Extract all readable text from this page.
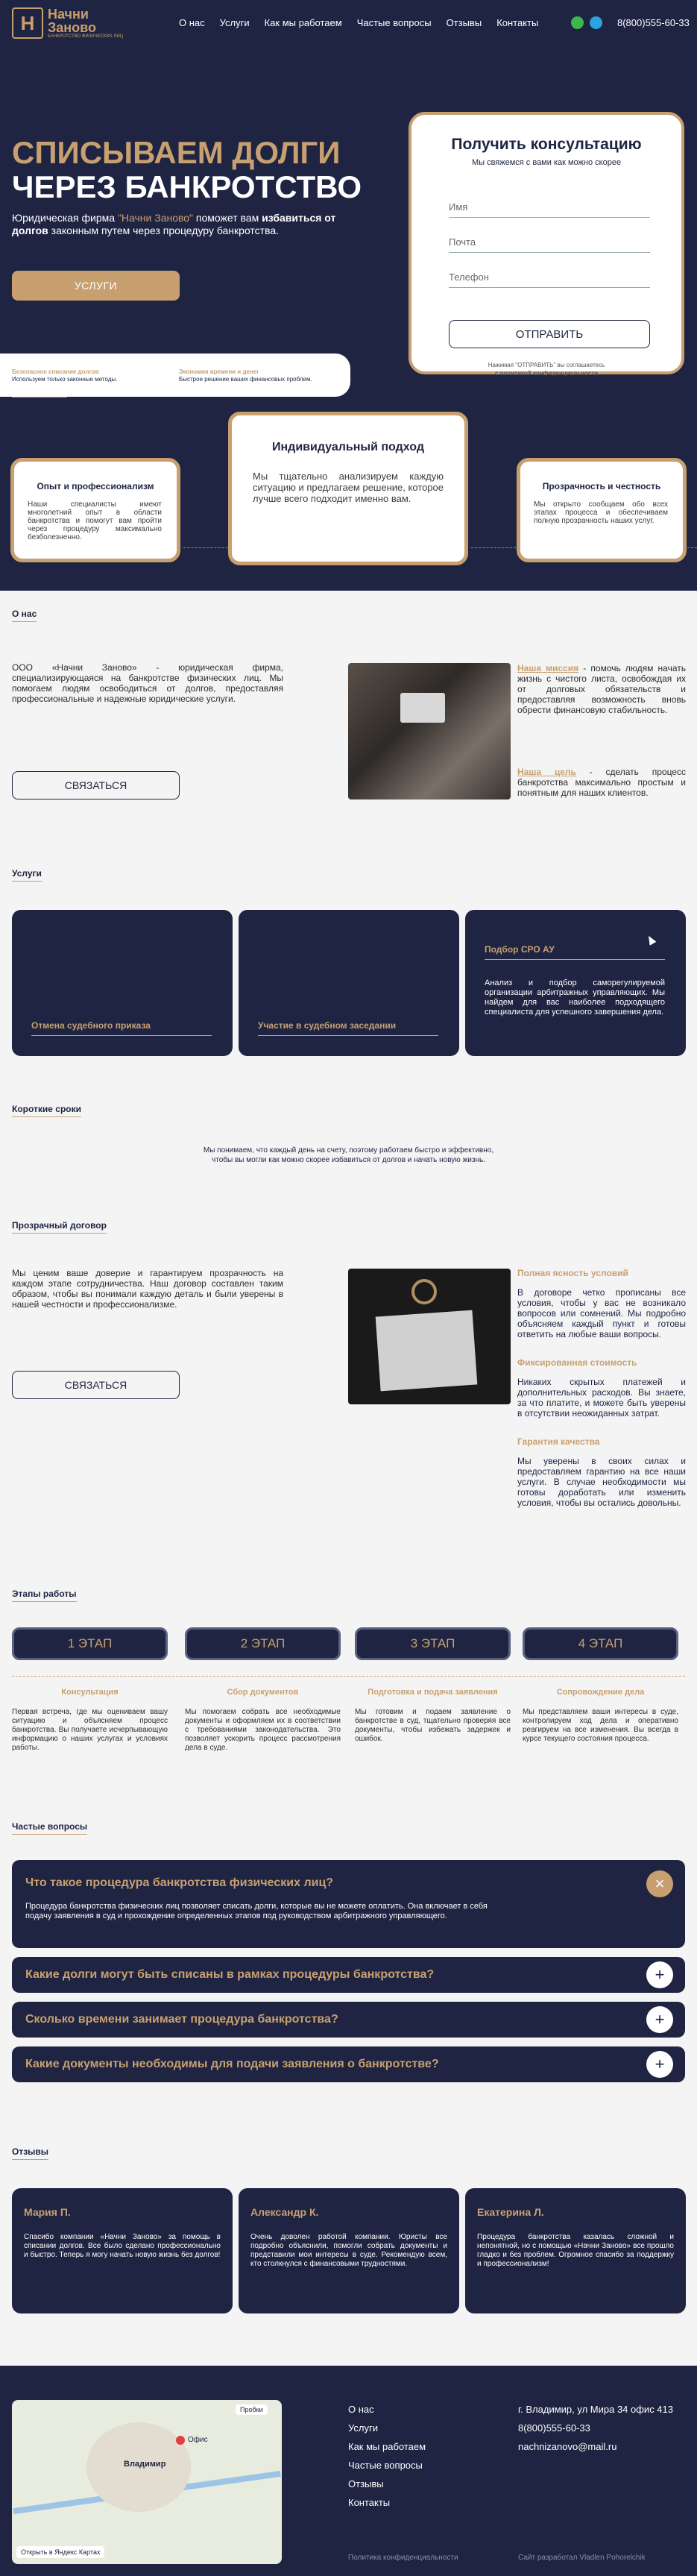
Н Начни Заново
БАНКРОТСТВО ФИЗИЧЕСКИХ ЛИЦ
О нас Услуги Как мы работаем Частые вопросы Отзывы Контакты	8(800)555-60-33
СПИСЫВАЕМ ДОЛГИ
ЧЕРЕЗ БАНКРОТСТВО
Юридическая фирма "Начни Заново" поможет вам избавиться от долгов законным путем через процедуру банкротства.
УСЛУГИ
Получить консультацию
Мы свяжемся с вами как можно скорее
Имя
Почта
Телефон
ОТПРАВИТЬ
Нажимая "ОТПРАВИТЬ" вы соглашаетесь
с политикой конфиденциальности
Безопасное списание долгов
Используем только законные методы.
Экономия времени и денег
Быстрое решение ваших финансовых проблем.
Почему мы?
Опыт и профессионализм
Наши специалисты имеют многолетний опыт в области банкротства и помогут вам пройти через процедуру максимально безболезненно.
Индивидуальный подход
Мы тщательно анализируем каждую ситуацию и предлагаем решение, которое лучше всего подходит именно вам.
Прозрачность и честность
Мы открыто сообщаем обо всех этапах процесса и обеспечиваем полную прозрачность наших услуг.
О нас
ООО «Начни Заново» - юридическая фирма, специализирующаяся на банкротстве физических лиц. Мы помогаем людям освободиться от долгов, предоставляя профессиональные и надежные юридические услуги.
Наша миссия - помочь людям начать жизнь с чистого листа, освобождая их от долговых обязательств и предоставляя возможность вновь обрести финансовую стабильность.
Наша цель - сделать процесс банкротства максимально простым и понятным для наших клиентов.
СВЯЗАТЬСЯ
Услуги
Отмена судебного приказа	Участие в судебном заседании
Подбор СРО АУ
Анализ и подбор саморегулируемой организации арбитражных управляющих. Мы найдем для вас наиболее подходящего специалиста для успешного завершения дела.
Короткие сроки
Мы понимаем, что каждый день на счету, поэтому работаем быстро и эффективно,
чтобы вы могли как можно скорее избавиться от долгов и начать новую жизнь.
Прозрачный договор
Мы ценим ваше доверие и гарантируем прозрачность на каждом этапе сотрудничества. Наш договор составлен таким образом, чтобы вы понимали каждую деталь и были уверены в нашей честности и профессионализме.
СВЯЗАТЬСЯ
Полная ясность условий
В договоре четко прописаны все условия, чтобы у вас не возникало вопросов или сомнений. Мы подробно объясняем каждый пункт и готовы ответить на любые ваши вопросы.
Фиксированная стоимость
Никаких скрытых платежей и дополнительных расходов. Вы знаете, за что платите, и можете быть уверены в отсутствии неожиданных затрат.
Гарантия качества
Мы уверены в своих силах и предоставляем гарантию на все наши услуги. В случае необходимости мы готовы доработать или изменить условия, чтобы вы остались довольны.
Этапы работы
1 ЭТАП	2 ЭТАП	3 ЭТАП	4 ЭТАП
Консультация	Сбор документов	Подготовка и подача заявления	Сопровождение дела
Первая встреча, где мы оцениваем вашу ситуацию и объясняем процесс банкротства. Вы получаете исчерпывающую информацию о наших услугах и условиях работы.
Мы помогаем собрать все необходимые документы и оформляем их в соответствии с требованиями законодательства. Это позволяет ускорить процесс рассмотрения дела в суде.
Мы готовим и подаем заявление о банкротстве в суд, тщательно проверяя все документы, чтобы избежать задержек и ошибок.
Мы представляем ваши интересы в суде, контролируем ход дела и оперативно реагируем на все изменения. Вы всегда в курсе текущего состояния процесса.
Частые вопросы
Что такое процедура банкротства физических лиц?	×
Процедура банкротства физических лиц позволяет списать долги, которые вы не можете оплатить. Она включает в себя подачу заявления в суд и прохождение определенных этапов под руководством арбитражного управляющего.
Какие долги могут быть списаны в рамках процедуры банкротства?	+
Сколько времени занимает процедура банкротства?	+
Какие документы необходимы для подачи заявления о банкротстве?	+
Отзывы
Мария П.
Спасибо компании «Начни Заново» за помощь в списании долгов. Все было сделано профессионально и быстро. Теперь я могу начать новую жизнь без долгов!
Александр К.
Очень доволен работой компании. Юристы все подробно объяснили, помогли собрать документы и представили мои интересы в суде. Рекомендую всем, кто столкнулся с финансовыми трудностями.
Екатерина Л.
Процедура банкротства казалась сложной и непонятной, но с помощью «Начни Заново» все прошло гладко и без проблем. Огромное спасибо за поддержку и профессионализм!
Владимир
Офис
Пробки
Открыть в Яндекс Картах
О нас
Услуги
Как мы работаем
Частые вопросы
Отзывы
Контакты
г. Владимир, ул Мира 34 офис 413
8(800)555-60-33
nachnizanovo@mail.ru
Политика конфиденциальности	Сайт разработал Vladlen Pohorelchik
